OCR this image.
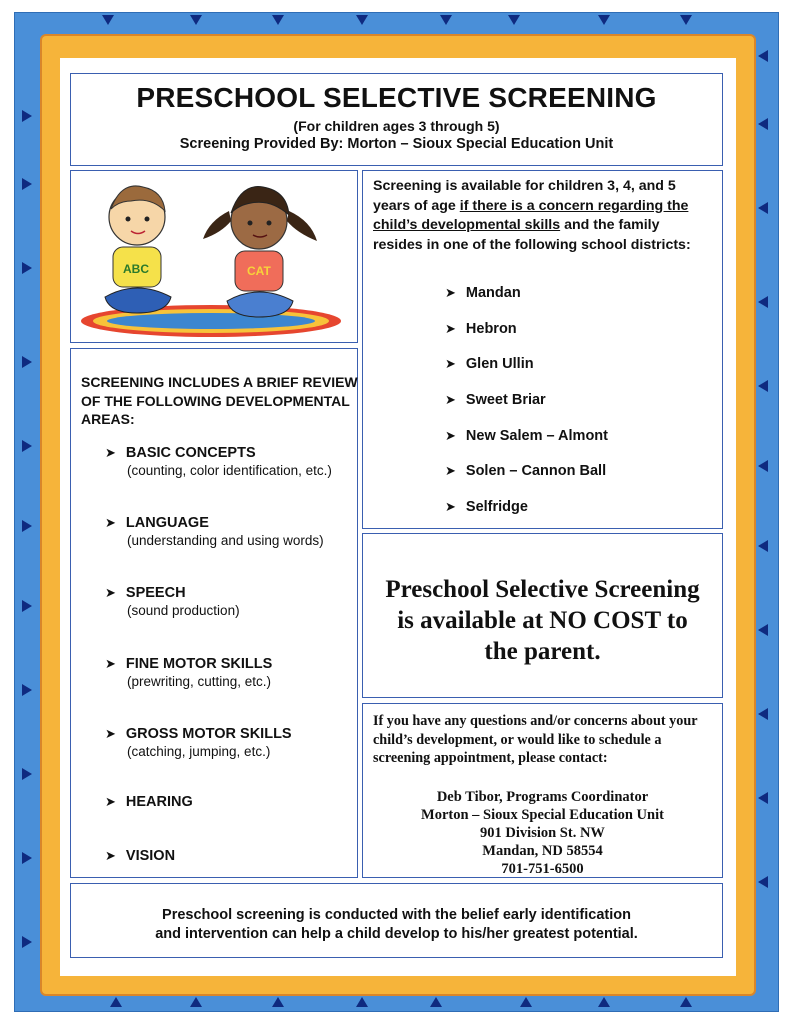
PRESCHOOL SELECTIVE SCREENING
(For children ages 3 through 5)
Screening Provided By: Morton – Sioux Special Education Unit
ABC	CAT
Screening is available for children 3, 4, and 5 years of age if there is a concern regarding the child’s developmental skills and the family resides in one of the following school districts:
➤ Mandan
➤ Hebron
➤ Glen Ullin
➤ Sweet Briar
➤ New Salem – Almont
➤ Solen – Cannon Ball
➤ Selfridge
SCREENING INCLUDES A BRIEF REVIEW OF THE FOLLOWING DEVELOPMENTAL AREAS:
➤ BASIC CONCEPTS
(counting, color identification, etc.)
➤ LANGUAGE
(understanding and using words)
➤ SPEECH
(sound production)
➤ FINE MOTOR SKILLS
(prewriting, cutting, etc.)
➤ GROSS MOTOR SKILLS
(catching, jumping, etc.)
➤ HEARING
➤ VISION
Preschool Selective Screening
is available at NO COST to
the parent.
If you have any questions and/or concerns about your child’s development, or would like to schedule a screening appointment, please contact:
Deb Tibor, Programs Coordinator
Morton – Sioux Special Education Unit
901 Division St. NW
Mandan, ND 58554
701-751-6500
Preschool screening is conducted with the belief early identification
and intervention can help a child develop to his/her greatest potential.
